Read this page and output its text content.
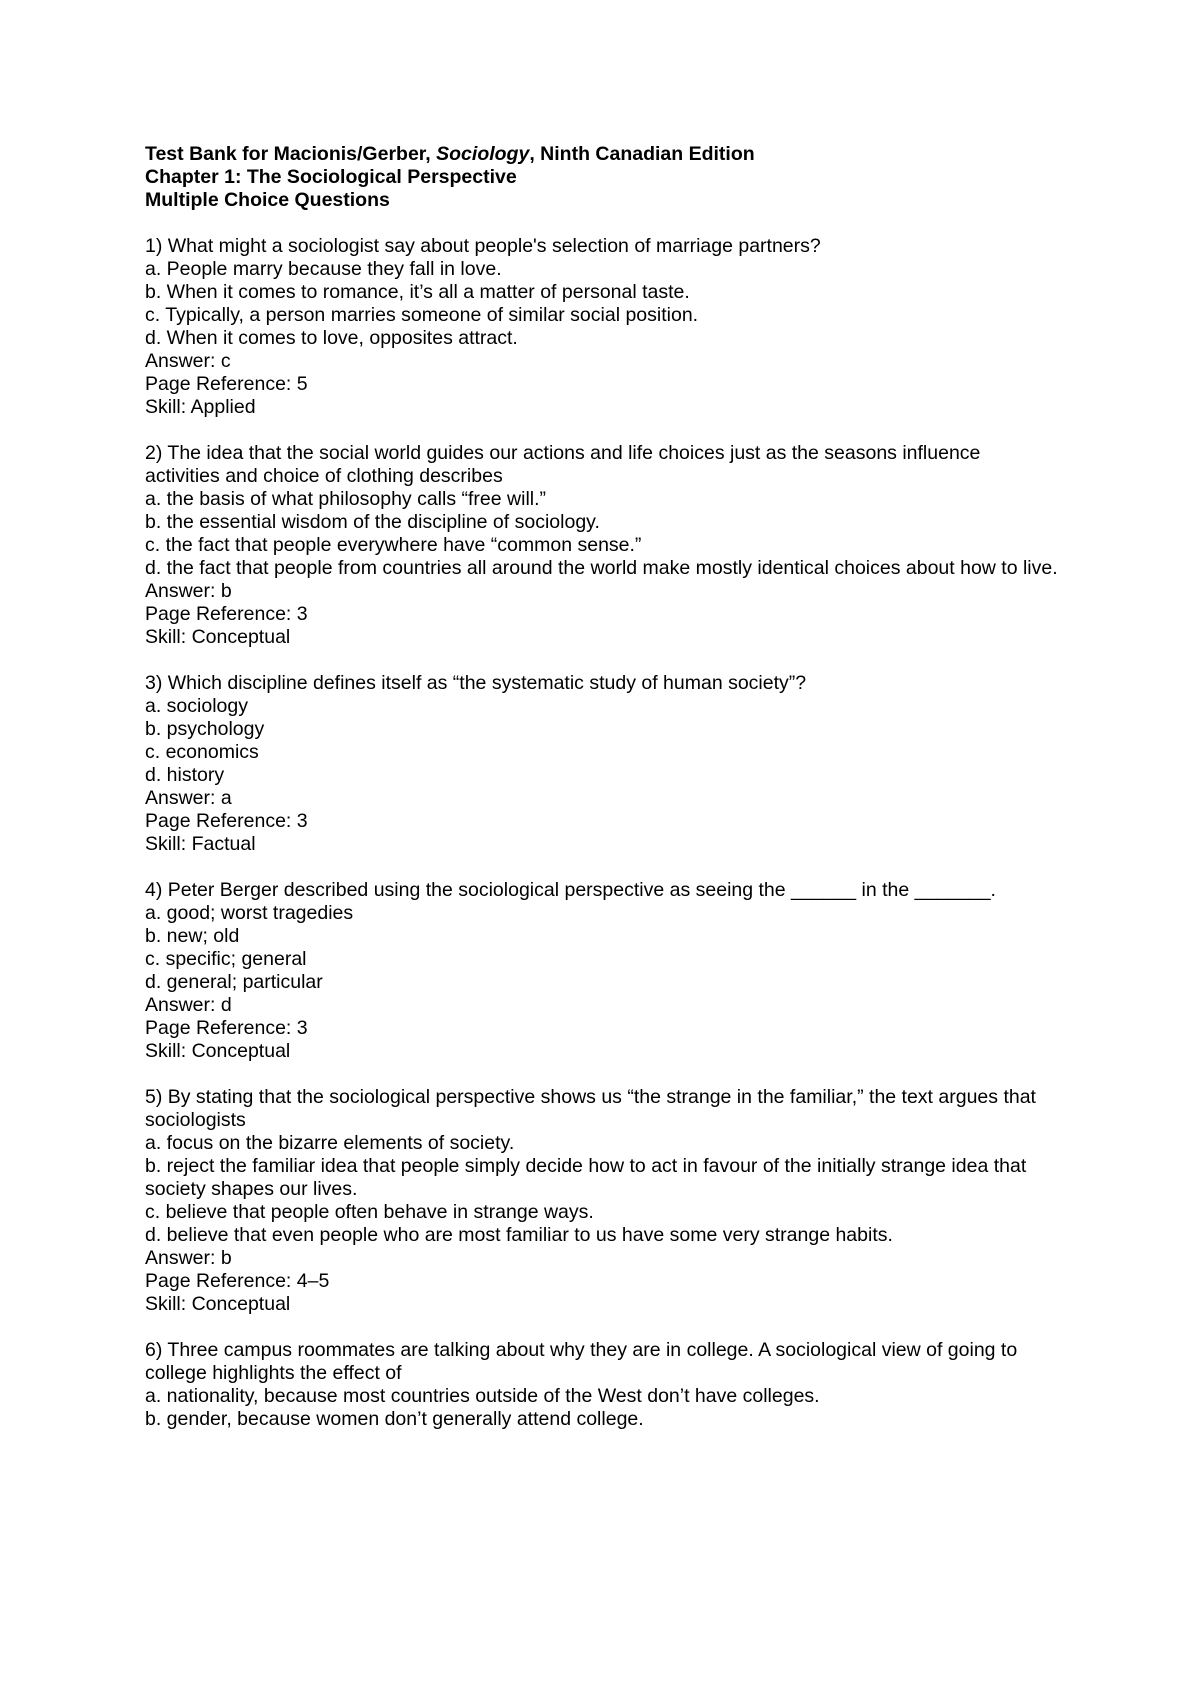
Test Bank for Macionis/Gerber, Sociology, Ninth Canadian Edition
Chapter 1: The Sociological Perspective
Multiple Choice Questions
1) What might a sociologist say about people's selection of marriage partners?
a. People marry because they fall in love.
b. When it comes to romance, it’s all a matter of personal taste.
c. Typically, a person marries someone of similar social position.
d. When it comes to love, opposites attract.
Answer: c
Page Reference: 5
Skill: Applied
2) The idea that the social world guides our actions and life choices just as the seasons influence
activities and choice of clothing describes
a. the basis of what philosophy calls “free will.”
b. the essential wisdom of the discipline of sociology.
c. the fact that people everywhere have “common sense.”
d. the fact that people from countries all around the world make mostly identical choices about how to live.
Answer: b
Page Reference: 3
Skill: Conceptual
3) Which discipline defines itself as “the systematic study of human society”?
a. sociology
b. psychology
c. economics
d. history
Answer: a
Page Reference: 3
Skill: Factual
4) Peter Berger described using the sociological perspective as seeing the ______ in the _______.
a. good; worst tragedies
b. new; old
c. specific; general
d. general; particular
Answer: d
Page Reference: 3
Skill: Conceptual
5) By stating that the sociological perspective shows us “the strange in the familiar,” the text argues that
sociologists
a. focus on the bizarre elements of society.
b. reject the familiar idea that people simply decide how to act in favour of the initially strange idea that
society shapes our lives.
c. believe that people often behave in strange ways.
d. believe that even people who are most familiar to us have some very strange habits.
Answer: b
Page Reference: 4–5
Skill: Conceptual
6) Three campus roommates are talking about why they are in college. A sociological view of going to
college highlights the effect of
a. nationality, because most countries outside of the West don’t have colleges.
b. gender, because women don’t generally attend college.
